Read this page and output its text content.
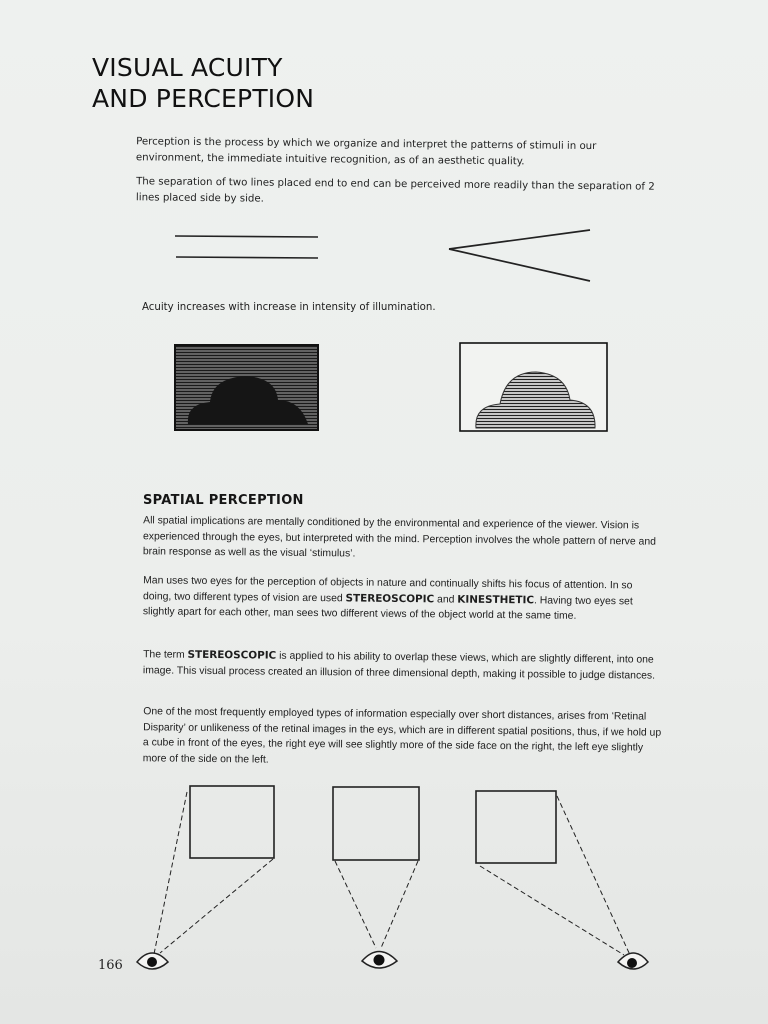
VISUAL ACUITY
AND PERCEPTION

Perception is the process by which we organize and interpret the patterns of stimuli in our environment, the immediate intuitive recognition, as of an aesthetic quality.

The separation of two lines placed end to end can be perceived more readily than the separation of 2 lines placed side by side.

Acuity increases with increase in intensity of illumination.

SPATIAL PERCEPTION

All spatial implications are mentally conditioned by the environmental and experience of the viewer. Vision is experienced through the eyes, but interpreted with the mind. Perception involves the whole pattern of nerve and brain response as well as the visual ‘stimulus’.

Man uses two eyes for the perception of objects in nature and continually shifts his focus of attention. In so doing, two different types of vision are used STEREOSCOPIC and KINESTHETIC. Having two eyes set slightly apart for each other, man sees two different views of the object world at the same time.

The term STEREOSCOPIC is applied to his ability to overlap these views, which are slightly different, into one image. This visual process created an illusion of three dimensional depth, making it possible to judge distances.

One of the most frequently employed types of information especially over short distances, arises from ‘Retinal Disparity’ or unlikeness of the retinal images in the eys, which are in different spatial positions, thus, if we hold up a cube in front of the eyes, the right eye will see slightly more of the side face on the right, the left eye slightly more of the side on the left.

166
